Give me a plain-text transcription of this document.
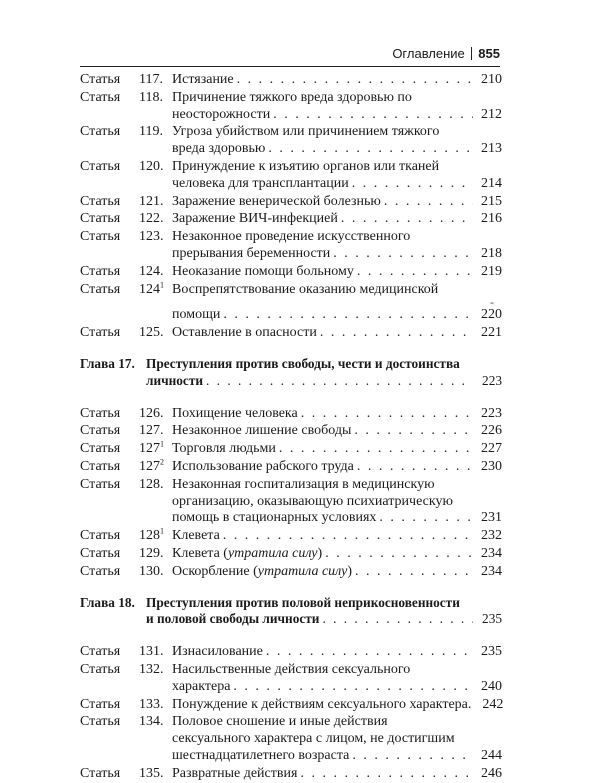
Оглавление 855
Статья 117. Истязание . . .	210
Статья 118. Причинение тяжкого вреда здоровью по
неосторожности . . .	212
Статья 119. Угроза убийством или причинением тяжкого
вреда здоровью . . .	213
Статья 120. Принуждение к изъятию органов или тканей
человека для трансплантации . . .	214
Статья 121. Заражение венерической болезнью . . .	215
Статья 122. Заражение ВИЧ-инфекцией . . .	216
Статья 123. Незаконное проведение искусственного
прерывания беременности . . .	218
Статья 124. Неоказание помощи больному . . .	219
Статья $124^1$ Воспрепятствование оказанию медицинской
-
помощи . . .	220
Статья 125. Оставление в опасности . . .	221
Глава 17. Преступления против свободы, чести и достоинства
личности . . .	223
Статья 126. Похищение человека . . .	223
Статья 127. Незаконное лишение свободы . . .	226
Статья $127^1$ Торговля людьми . . .	227
Статья $127^2$ Использование рабского труда . . .	230
Статья 128. Незаконная госпитализация в медицинскую
организацию, оказывающую психиатрическую
помощь в стационарных условиях . . .	231
Статья $128^1$ Клевета . . .	232
Статья 129. Клевета (утратила силу) . . .	234
Статья 130. Оскорбление (утратила силу) . . .	234
Глава 18. Преступления против половой неприкосновенности
и половой свободы личности . . .	235
Статья 131. Изнасилование . . .	235
Статья 132. Насильственные действия сексуального
характера . . .	240
Статья 133. Понуждение к действиям сексуального характера. 242
Статья 134. Половое сношение и иные действия
сексуального характера с лицом, не достигшим
шестнадцатилетнего возраста . . .	244
Статья 135. Развратные действия . . .	246
